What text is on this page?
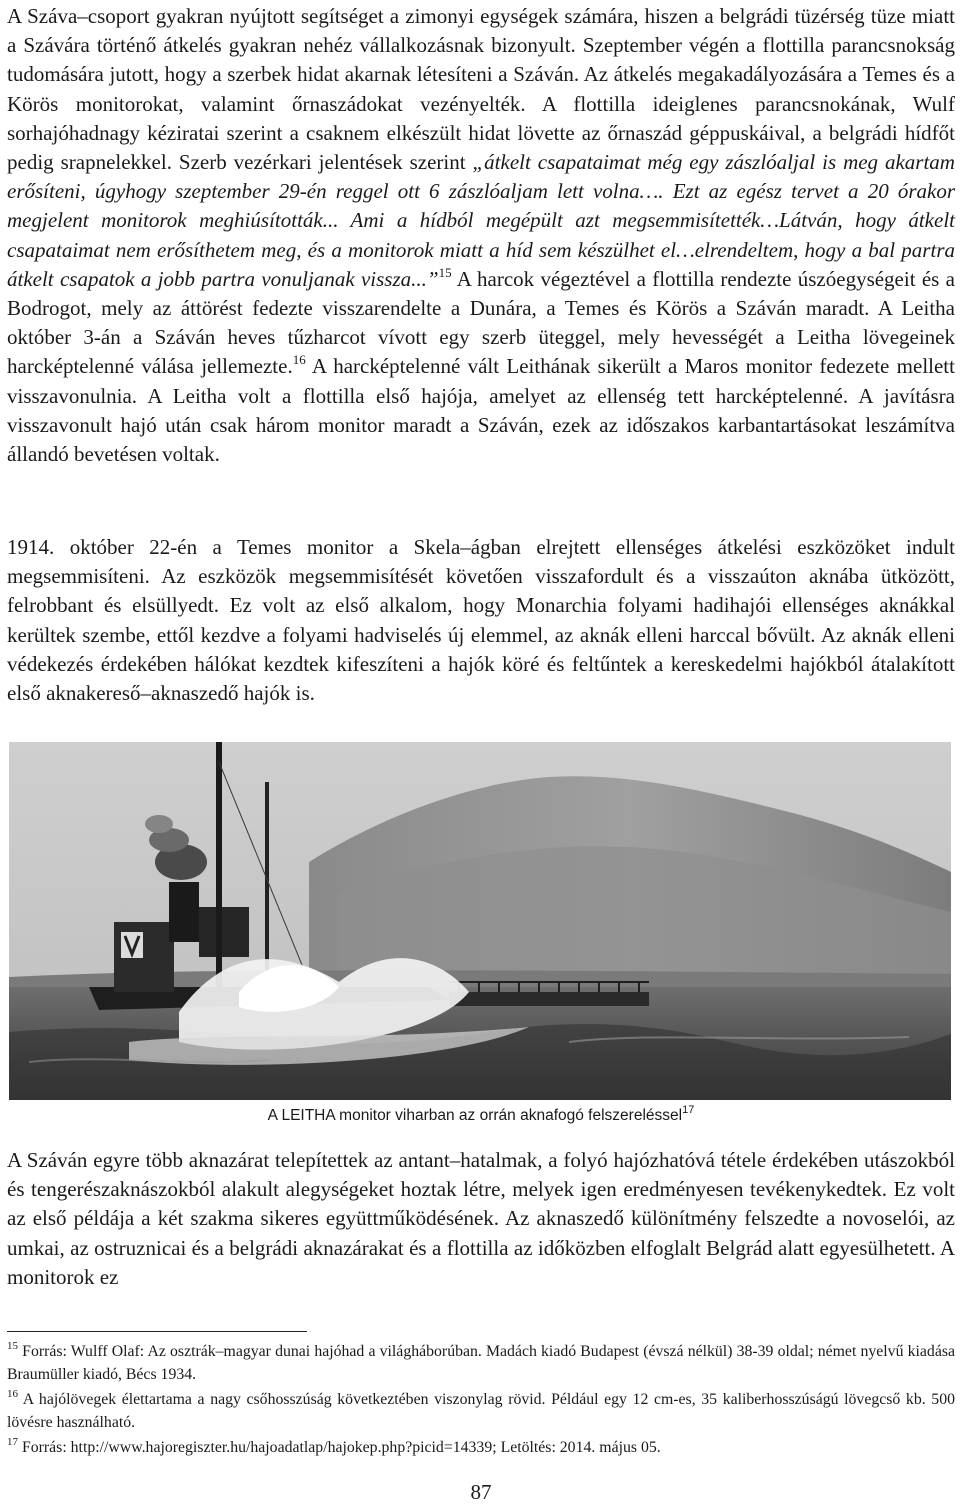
A Száva–csoport gyakran nyújtott segítséget a zimonyi egységek számára, hiszen a belgrádi tüzérség tüze miatt a Szávára történő átkelés gyakran nehéz vállalkozásnak bizonyult. Szeptember végén a flottilla parancsnokság tudomására jutott, hogy a szerbek hidat akarnak létesíteni a Száván. Az átkelés megakadályozására a Temes és a Körös monitorokat, valamint őrnaszádokat vezényelték. A flottilla ideiglenes parancsnokának, Wulf sorhajóhadnagy kéziratai szerint a csaknem elkészült hidat lövette az őrnaszád géppuskáival, a belgrádi hídfőt pedig srapnelekkel. Szerb vezérkari jelentések szerint „átkelt csapataimat még egy zászlóaljal is meg akartam erősíteni, úgyhogy szeptember 29-én reggel ott 6 zászlóaljam lett volna…. Ezt az egész tervet a 20 órakor megjelent monitorok meghiúsították... Ami a hídból megépült azt megsemmisítették…Látván, hogy átkelt csapataimat nem erősíthetem meg, és a monitorok miatt a híd sem készülhet el…elrendeltem, hogy a bal partra átkelt csapatok a jobb partra vonuljanak vissza...”$^{15}$ A harcok végeztével a flottilla rendezte úszóegységeit és a Bodrogot, mely az áttörést fedezte visszarendelte a Dunára, a Temes és Körös a Száván maradt. A Leitha október 3-án a Száván heves tűzharcot vívott egy szerb üteggel, mely hevességét a Leitha lövegeinek harcképtelenné válása jellemezte.$^{16}$ A harcképtelenné vált Leithának sikerült a Maros monitor fedezete mellett visszavonulnia. A Leitha volt a flottilla első hajója, amelyet az ellenség tett harcképtelenné. A javításra visszavonult hajó után csak három monitor maradt a Száván, ezek az időszakos karbantartásokat leszámítva állandó bevetésen voltak.

1914. október 22-én a Temes monitor a Skela–ágban elrejtett ellenséges átkelési eszközöket indult megsemmisíteni. Az eszközök megsemmisítését követően visszafordult és a visszaúton aknába ütközött, felrobbant és elsüllyedt. Ez volt az első alkalom, hogy Monarchia folyami hadihajói ellenséges aknákkal kerültek szembe, ettől kezdve a folyami hadviselés új elemmel, az aknák elleni harccal bővült. Az aknák elleni védekezés érdekében hálókat kezdtek kifeszíteni a hajók köré és feltűntek a kereskedelmi hajókból átalakított első aknakereső–aknaszedő hajók is.

A LEITHA monitor viharban az orrán aknafogó felszereléssel$^{17}$

A Száván egyre több aknazárat telepítettek az antant–hatalmak, a folyó hajózhatóvá tétele érdekében utászokból és tengerészaknászokból alakult alegységeket hoztak létre, melyek igen eredményesen tevékenykedtek. Ez volt az első példája a két szakma sikeres együttműködésének. Az aknaszedő különítmény felszedte a novoselói, az umkai, az ostruznicai és a belgrádi aknazárakat és a flottilla az időközben elfoglalt Belgrád alatt egyesülhetett. A monitorok ez

$^{15}$ Forrás: Wulff Olaf: Az osztrák–magyar dunai hajóhad a világháborúban. Madách kiadó Budapest (évszá nélkül) 38-39 oldal; német nyelvű kiadása Braumüller kiadó, Bécs 1934.

$^{16}$ A hajólövegek élettartama a nagy csőhosszúság következtében viszonylag rövid. Például egy 12 cm-es, 35 kaliberhosszúságú lövegcső kb. 500 lövésre használható.

$^{17}$ Forrás: http://www.hajoregiszter.hu/hajoadatlap/hajokep.php?picid=14339; Letöltés: 2014. május 05.

87
